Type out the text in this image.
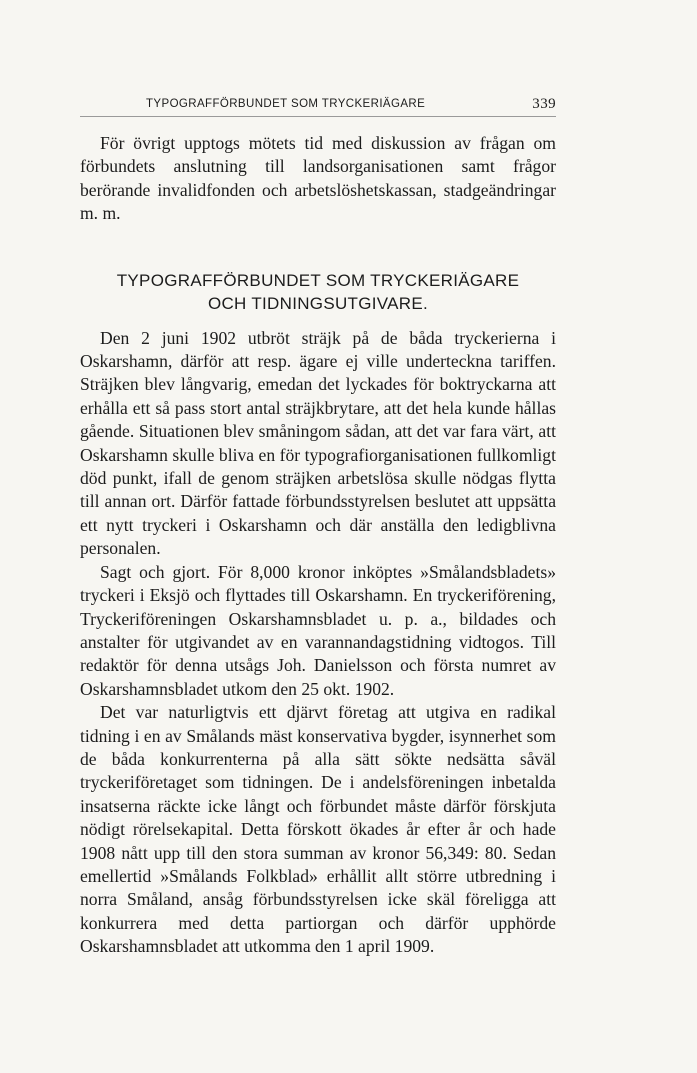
TYPOGRAFFÖRBUNDET SOM TRYCKERIÄGARE	339

För övrigt upptogs mötets tid med diskussion av frågan om förbundets anslutning till landsorganisationen samt frågor berörande invalidfonden och arbetslöshetskassan, stadgeändringar m. m.

TYPOGRAFFÖRBUNDET SOM TRYCKERIÄGARE
OCH TIDNINGSUTGIVARE.

Den 2 juni 1902 utbröt sträjk på de båda tryckerierna i Oskarshamn, därför att resp. ägare ej ville underteckna tariffen. Sträjken blev långvarig, emedan det lyckades för boktryckarna att erhålla ett så pass stort antal sträjkbrytare, att det hela kunde hållas gående. Situationen blev småningom sådan, att det var fara värt, att Oskarshamn skulle bliva en för typografiorganisationen fullkomligt död punkt, ifall de genom sträjken arbetslösa skulle nödgas flytta till annan ort. Därför fattade förbundsstyrelsen beslutet att uppsätta ett nytt tryckeri i Oskarshamn och där anställa den ledigblivna personalen.

Sagt och gjort. För 8,000 kronor inköptes »Smålandsbladets» tryckeri i Eksjö och flyttades till Oskarshamn. En tryckeriförening, Tryckeriföreningen Oskarshamnsbladet u. p. a., bildades och anstalter för utgivandet av en varannandagstidning vidtogos. Till redaktör för denna utsågs Joh. Danielsson och första numret av Oskarshamnsbladet utkom den 25 okt. 1902.

Det var naturligtvis ett djärvt företag att utgiva en radikal tidning i en av Smålands mäst konservativa bygder, isynnerhet som de båda konkurrenterna på alla sätt sökte nedsätta såväl tryckeriföretaget som tidningen. De i andelsföreningen inbetalda insatserna räckte icke långt och förbundet måste därför förskjuta nödigt rörelsekapital. Detta förskott ökades år efter år och hade 1908 nått upp till den stora summan av kronor 56,349: 80. Sedan emellertid »Smålands Folkblad» erhållit allt större utbredning i norra Småland, ansåg förbundsstyrelsen icke skäl föreligga att konkurrera med detta partiorgan och därför upphörde Oskarshamnsbladet att utkomma den 1 april 1909.
